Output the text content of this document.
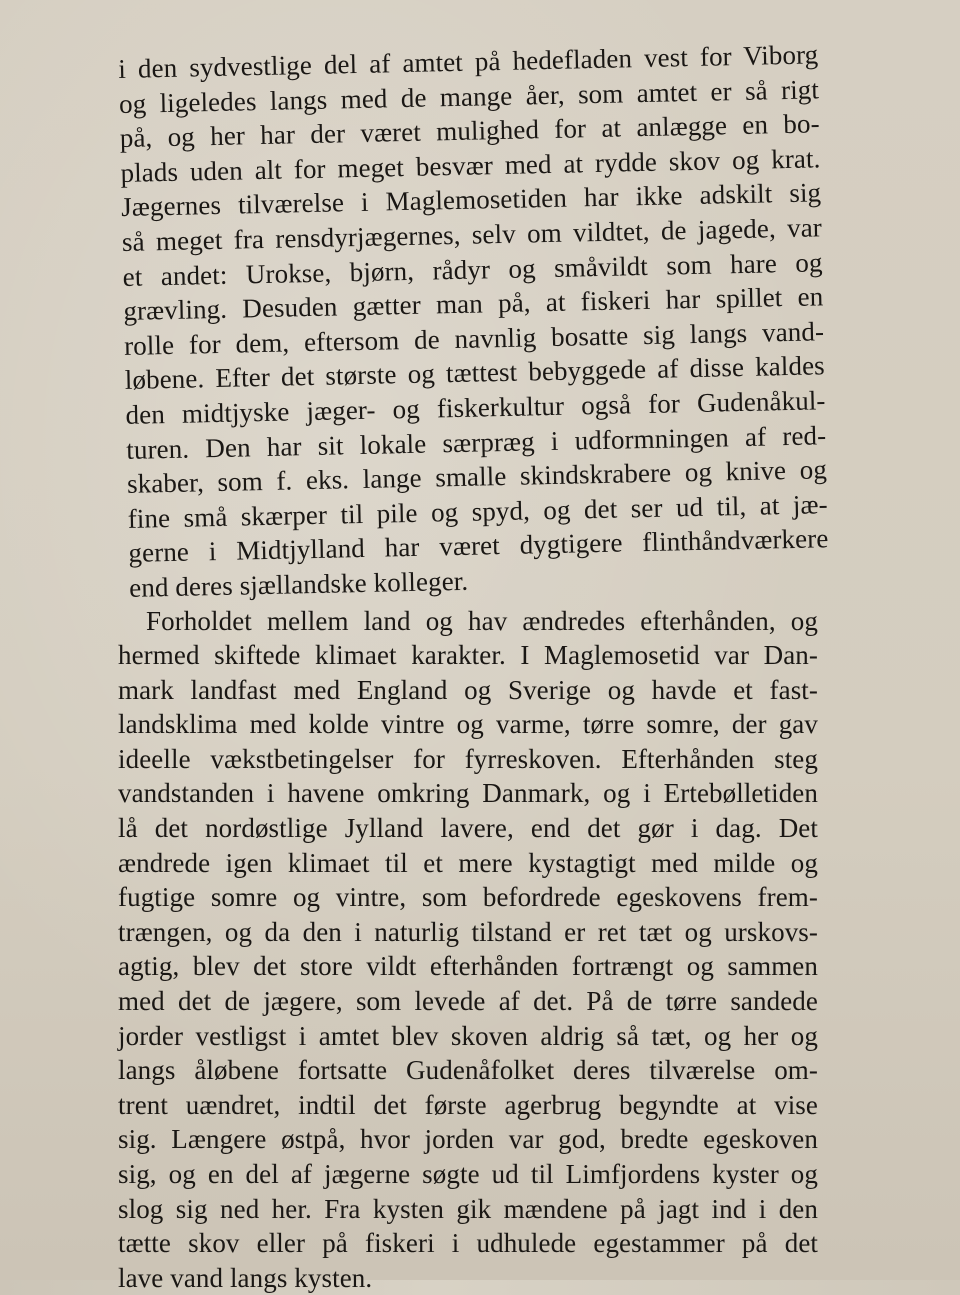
i den sydvestlige del af amtet på hedefladen vest for Viborg
og ligeledes langs med de mange åer, som amtet er så rigt
på, og her har der været mulighed for at anlægge en bo-
plads uden alt for meget besvær med at rydde skov og krat.
Jægernes tilværelse i Maglemosetiden har ikke adskilt sig
så meget fra rensdyrjægernes, selv om vildtet, de jagede, var
et andet: Urokse, bjørn, rådyr og småvildt som hare og
grævling. Desuden gætter man på, at fiskeri har spillet en
rolle for dem, eftersom de navnlig bosatte sig langs vand-
løbene. Efter det største og tættest bebyggede af disse kaldes
den midtjyske jæger- og fiskerkultur også for Gudenåkul-
turen. Den har sit lokale særpræg i udformningen af red-
skaber, som f. eks. lange smalle skindskrabere og knive og
fine små skærper til pile og spyd, og det ser ud til, at jæ-
gerne i Midtjylland har været dygtigere flinthåndværkere
end deres sjællandske kolleger.
Forholdet mellem land og hav ændredes efterhånden, og
hermed skiftede klimaet karakter. I Maglemosetid var Dan-
mark landfast med England og Sverige og havde et fast-
landsklima med kolde vintre og varme, tørre somre, der gav
ideelle vækstbetingelser for fyrreskoven. Efterhånden steg
vandstanden i havene omkring Danmark, og i Ertebølletiden
lå det nordøstlige Jylland lavere, end det gør i dag. Det
ændrede igen klimaet til et mere kystagtigt med milde og
fugtige somre og vintre, som befordrede egeskovens frem-
trængen, og da den i naturlig tilstand er ret tæt og urskovs-
agtig, blev det store vildt efterhånden fortrængt og sammen
med det de jægere, som levede af det. På de tørre sandede
jorder vestligst i amtet blev skoven aldrig så tæt, og her og
langs åløbene fortsatte Gudenåfolket deres tilværelse om-
trent uændret, indtil det første agerbrug begyndte at vise
sig. Længere østpå, hvor jorden var god, bredte egeskoven
sig, og en del af jægerne søgte ud til Limfjordens kyster og
slog sig ned her. Fra kysten gik mændene på jagt ind i den
tætte skov eller på fiskeri i udhulede egestammer på det
lave vand langs kysten.
